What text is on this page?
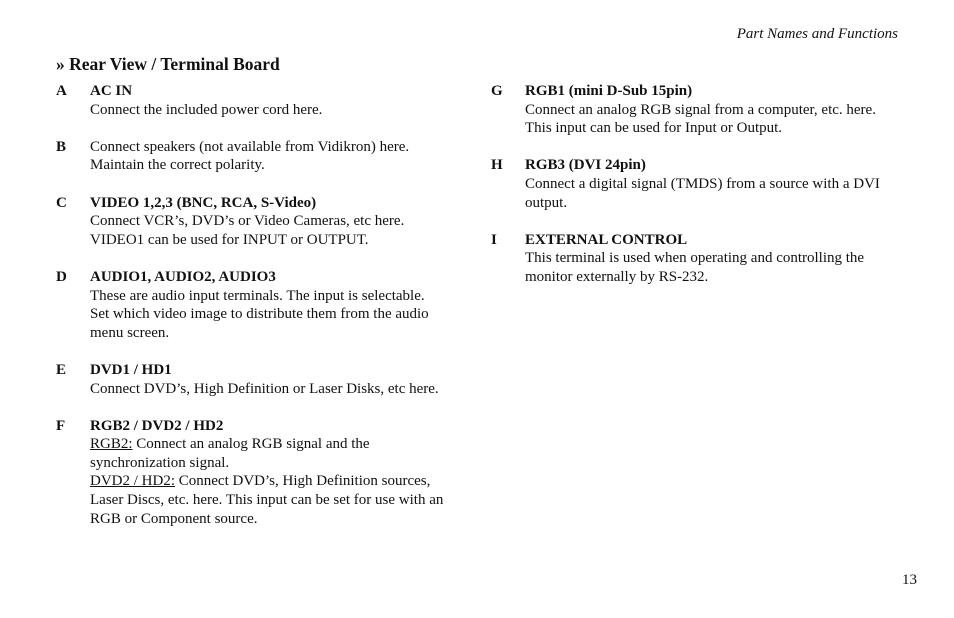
Part Names and Functions
» Rear View / Terminal Board
A	AC IN
Connect the included power cord here.
B	Connect speakers (not available from Vidikron) here.
Maintain the correct polarity.
C	VIDEO 1,2,3 (BNC, RCA, S-Video)
Connect VCR’s, DVD’s or Video Cameras, etc here.
VIDEO1 can be used for INPUT or OUTPUT.
D	AUDIO1, AUDIO2, AUDIO3
These are audio input terminals. The input is selectable.
Set which video image to distribute them from the audio
menu screen.
E	DVD1 / HD1
Connect DVD’s, High Definition or Laser Disks, etc here.
F	RGB2 / DVD2 / HD2
RGB2: Connect an analog RGB signal and the
synchronization signal.
DVD2 / HD2: Connect DVD’s, High Definition sources,
Laser Discs, etc. here. This input can be set for use with an
RGB or Component source.
G	RGB1 (mini D-Sub 15pin)
Connect an analog RGB signal from a computer, etc. here.
This input can be used for Input or Output.
H	RGB3 (DVI 24pin)
Connect a digital signal (TMDS) from a source with a DVI
output.
I	EXTERNAL CONTROL
This terminal is used when operating and controlling the
monitor externally by RS-232.
13
